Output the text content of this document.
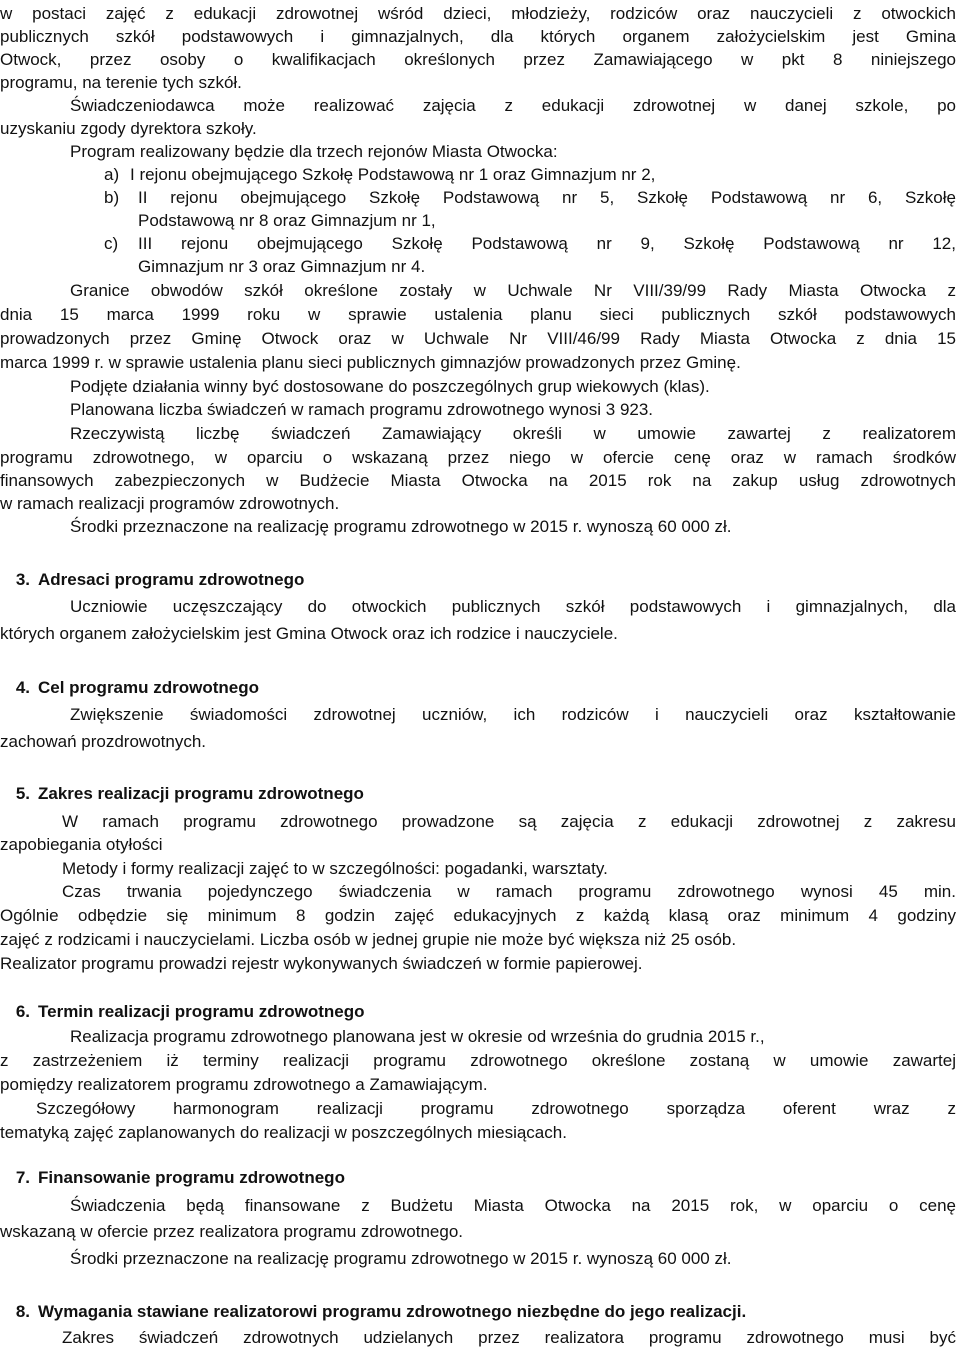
w postaci zajęć z edukacji zdrowotnej wśród dzieci, młodzieży, rodziców oraz nauczycieli z otwockich
publicznych szkół podstawowych i gimnazjalnych, dla których organem założycielskim jest Gmina
Otwock, przez osoby o kwalifikacjach określonych przez Zamawiającego w pkt 8 niniejszego
programu, na terenie tych szkół.
Świadczeniodawca może realizować zajęcia z edukacji zdrowotnej w danej szkole, po
uzyskaniu zgody dyrektora szkoły.
Program realizowany będzie dla trzech rejonów Miasta Otwocka:
a) I rejonu obejmującego Szkołę Podstawową nr 1 oraz Gimnazjum nr 2,
b)	II rejonu obejmującego Szkołę Podstawową nr 5, Szkołę Podstawową nr 6, Szkołę
Podstawową nr 8 oraz Gimnazjum nr 1,
c)	III rejonu obejmującego Szkołę Podstawową nr 9, Szkołę Podstawową nr 12,
Gimnazjum nr 3 oraz Gimnazjum nr 4.
Granice obwodów szkół określone zostały w Uchwale Nr VIII/39/99 Rady Miasta Otwocka z
dnia 15 marca 1999 roku w sprawie ustalenia planu sieci publicznych szkół podstawowych
prowadzonych przez Gminę Otwock oraz w Uchwale Nr VIII/46/99 Rady Miasta Otwocka z dnia 15
marca 1999 r. w sprawie ustalenia planu sieci publicznych gimnazjów prowadzonych przez Gminę.
Podjęte działania winny być dostosowane do poszczególnych grup wiekowych (klas).
Planowana liczba świadczeń w ramach programu zdrowotnego wynosi 3 923.
Rzeczywistą liczbę świadczeń Zamawiający określi w umowie zawartej z realizatorem
programu zdrowotnego, w oparciu o wskazaną przez niego w ofercie cenę oraz w ramach środków
finansowych zabezpieczonych w Budżecie Miasta Otwocka na 2015 rok na zakup usług zdrowotnych
w ramach realizacji programów zdrowotnych.
Środki przeznaczone na realizację programu zdrowotnego w 2015 r. wynoszą 60 000 zł.
3. Adresaci programu zdrowotnego
Uczniowie uczęszczający do otwockich publicznych szkół podstawowych i gimnazjalnych, dla
których organem założycielskim jest Gmina Otwock oraz ich rodzice i nauczyciele.
4. Cel programu zdrowotnego
Zwiększenie świadomości zdrowotnej uczniów, ich rodziców i nauczycieli oraz kształtowanie
zachowań prozdrowotnych.
5. Zakres realizacji programu zdrowotnego
W ramach programu zdrowotnego prowadzone są zajęcia z edukacji zdrowotnej z zakresu
zapobiegania otyłości
Metody i formy realizacji zajęć to w szczególności: pogadanki, warsztaty.
Czas trwania pojedynczego świadczenia w ramach programu zdrowotnego wynosi 45 min.
Ogólnie odbędzie się minimum 8 godzin zajęć edukacyjnych z każdą klasą oraz minimum 4 godziny
zajęć z rodzicami i nauczycielami. Liczba osób w jednej grupie nie może być większa niż 25 osób.
Realizator programu prowadzi rejestr wykonywanych świadczeń w formie papierowej.
6. Termin realizacji programu zdrowotnego
Realizacja programu zdrowotnego planowana jest w okresie od września do grudnia 2015 r.,
z zastrzeżeniem iż terminy realizacji programu zdrowotnego określone zostaną w umowie zawartej
pomiędzy realizatorem programu zdrowotnego a Zamawiającym.
Szczegółowy harmonogram realizacji programu zdrowotnego sporządza oferent wraz z
tematyką zajęć zaplanowanych do realizacji w poszczególnych miesiącach.
7. Finansowanie programu zdrowotnego
Świadczenia będą finansowane z Budżetu Miasta Otwocka na 2015 rok, w oparciu o cenę
wskazaną w ofercie przez realizatora programu zdrowotnego.
Środki przeznaczone na realizację programu zdrowotnego w 2015 r. wynoszą 60 000 zł.
8. Wymagania stawiane realizatorowi programu zdrowotnego niezbędne do jego realizacji.
Zakres świadczeń zdrowotnych udzielanych przez realizatora programu zdrowotnego musi być
